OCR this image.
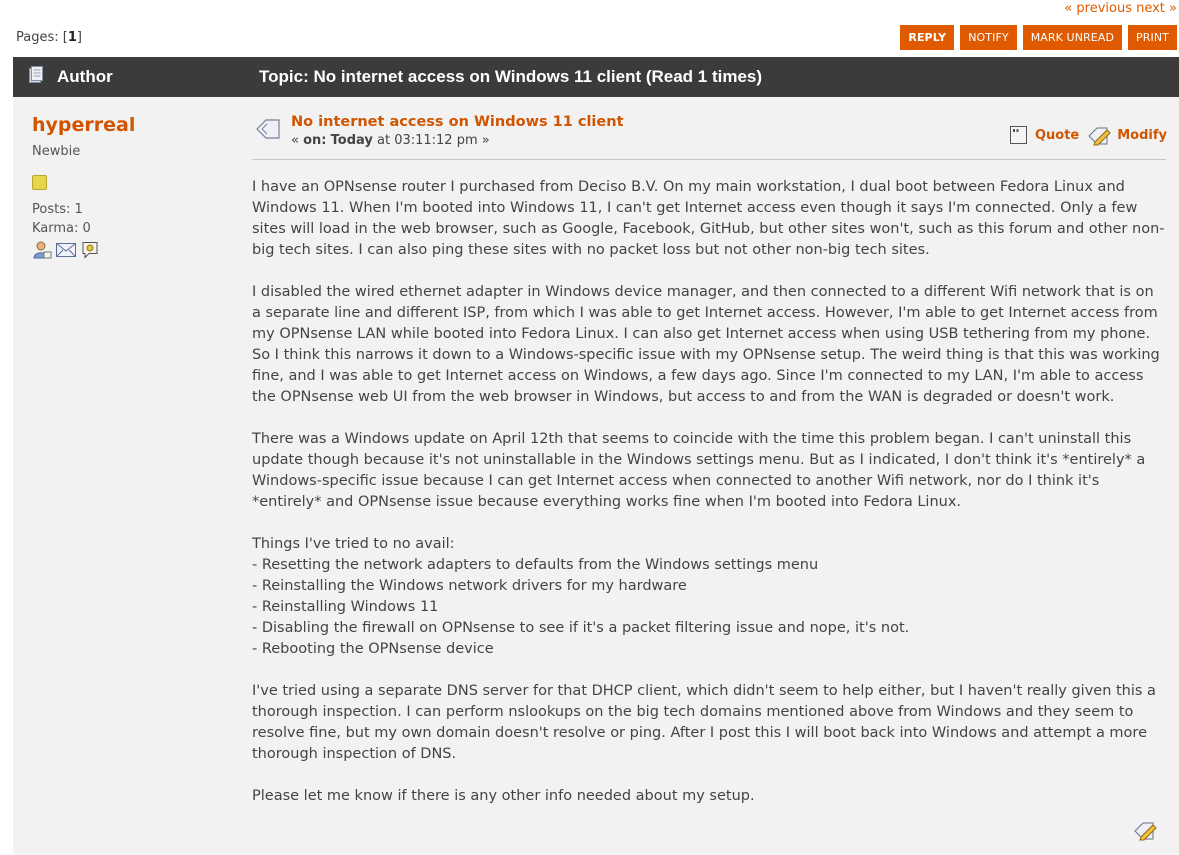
« previous next »
Pages: [1]	REPLY	NOTIFY	MARK UNREAD	PRINT
Author	Topic: No internet access on Windows 11 client (Read 1 times)
hyperreal
Newbie
Posts: 1
Karma: 0
No internet access on Windows 11 client
« on: Today at 03:11:12 pm »	Quote	Modify

I have an OPNsense router I purchased from Deciso B.V. On my main workstation, I dual boot between Fedora Linux and Windows 11. When I'm booted into Windows 11, I can't get Internet access even though it says I'm connected. Only a few sites will load in the web browser, such as Google, Facebook, GitHub, but other sites won't, such as this forum and other non-big tech sites. I can also ping these sites with no packet loss but not other non-big tech sites.

I disabled the wired ethernet adapter in Windows device manager, and then connected to a different Wifi network that is on a separate line and different ISP, from which I was able to get Internet access. However, I'm able to get Internet access from my OPNsense LAN while booted into Fedora Linux. I can also get Internet access when using USB tethering from my phone. So I think this narrows it down to a Windows-specific issue with my OPNsense setup. The weird thing is that this was working fine, and I was able to get Internet access on Windows, a few days ago. Since I'm connected to my LAN, I'm able to access the OPNsense web UI from the web browser in Windows, but access to and from the WAN is degraded or doesn't work.

There was a Windows update on April 12th that seems to coincide with the time this problem began. I can't uninstall this update though because it's not uninstallable in the Windows settings menu. But as I indicated, I don't think it's *entirely* a Windows-specific issue because I can get Internet access when connected to another Wifi network, nor do I think it's *entirely* and OPNsense issue because everything works fine when I'm booted into Fedora Linux.

Things I've tried to no avail:
- Resetting the network adapters to defaults from the Windows settings menu
- Reinstalling the Windows network drivers for my hardware
- Reinstalling Windows 11
- Disabling the firewall on OPNsense to see if it's a packet filtering issue and nope, it's not.
- Rebooting the OPNsense device

I've tried using a separate DNS server for that DHCP client, which didn't seem to help either, but I haven't really given this a thorough inspection. I can perform nslookups on the big tech domains mentioned above from Windows and they seem to resolve fine, but my own domain doesn't resolve or ping. After I post this I will boot back into Windows and attempt a more thorough inspection of DNS.

Please let me know if there is any other info needed about my setup.
